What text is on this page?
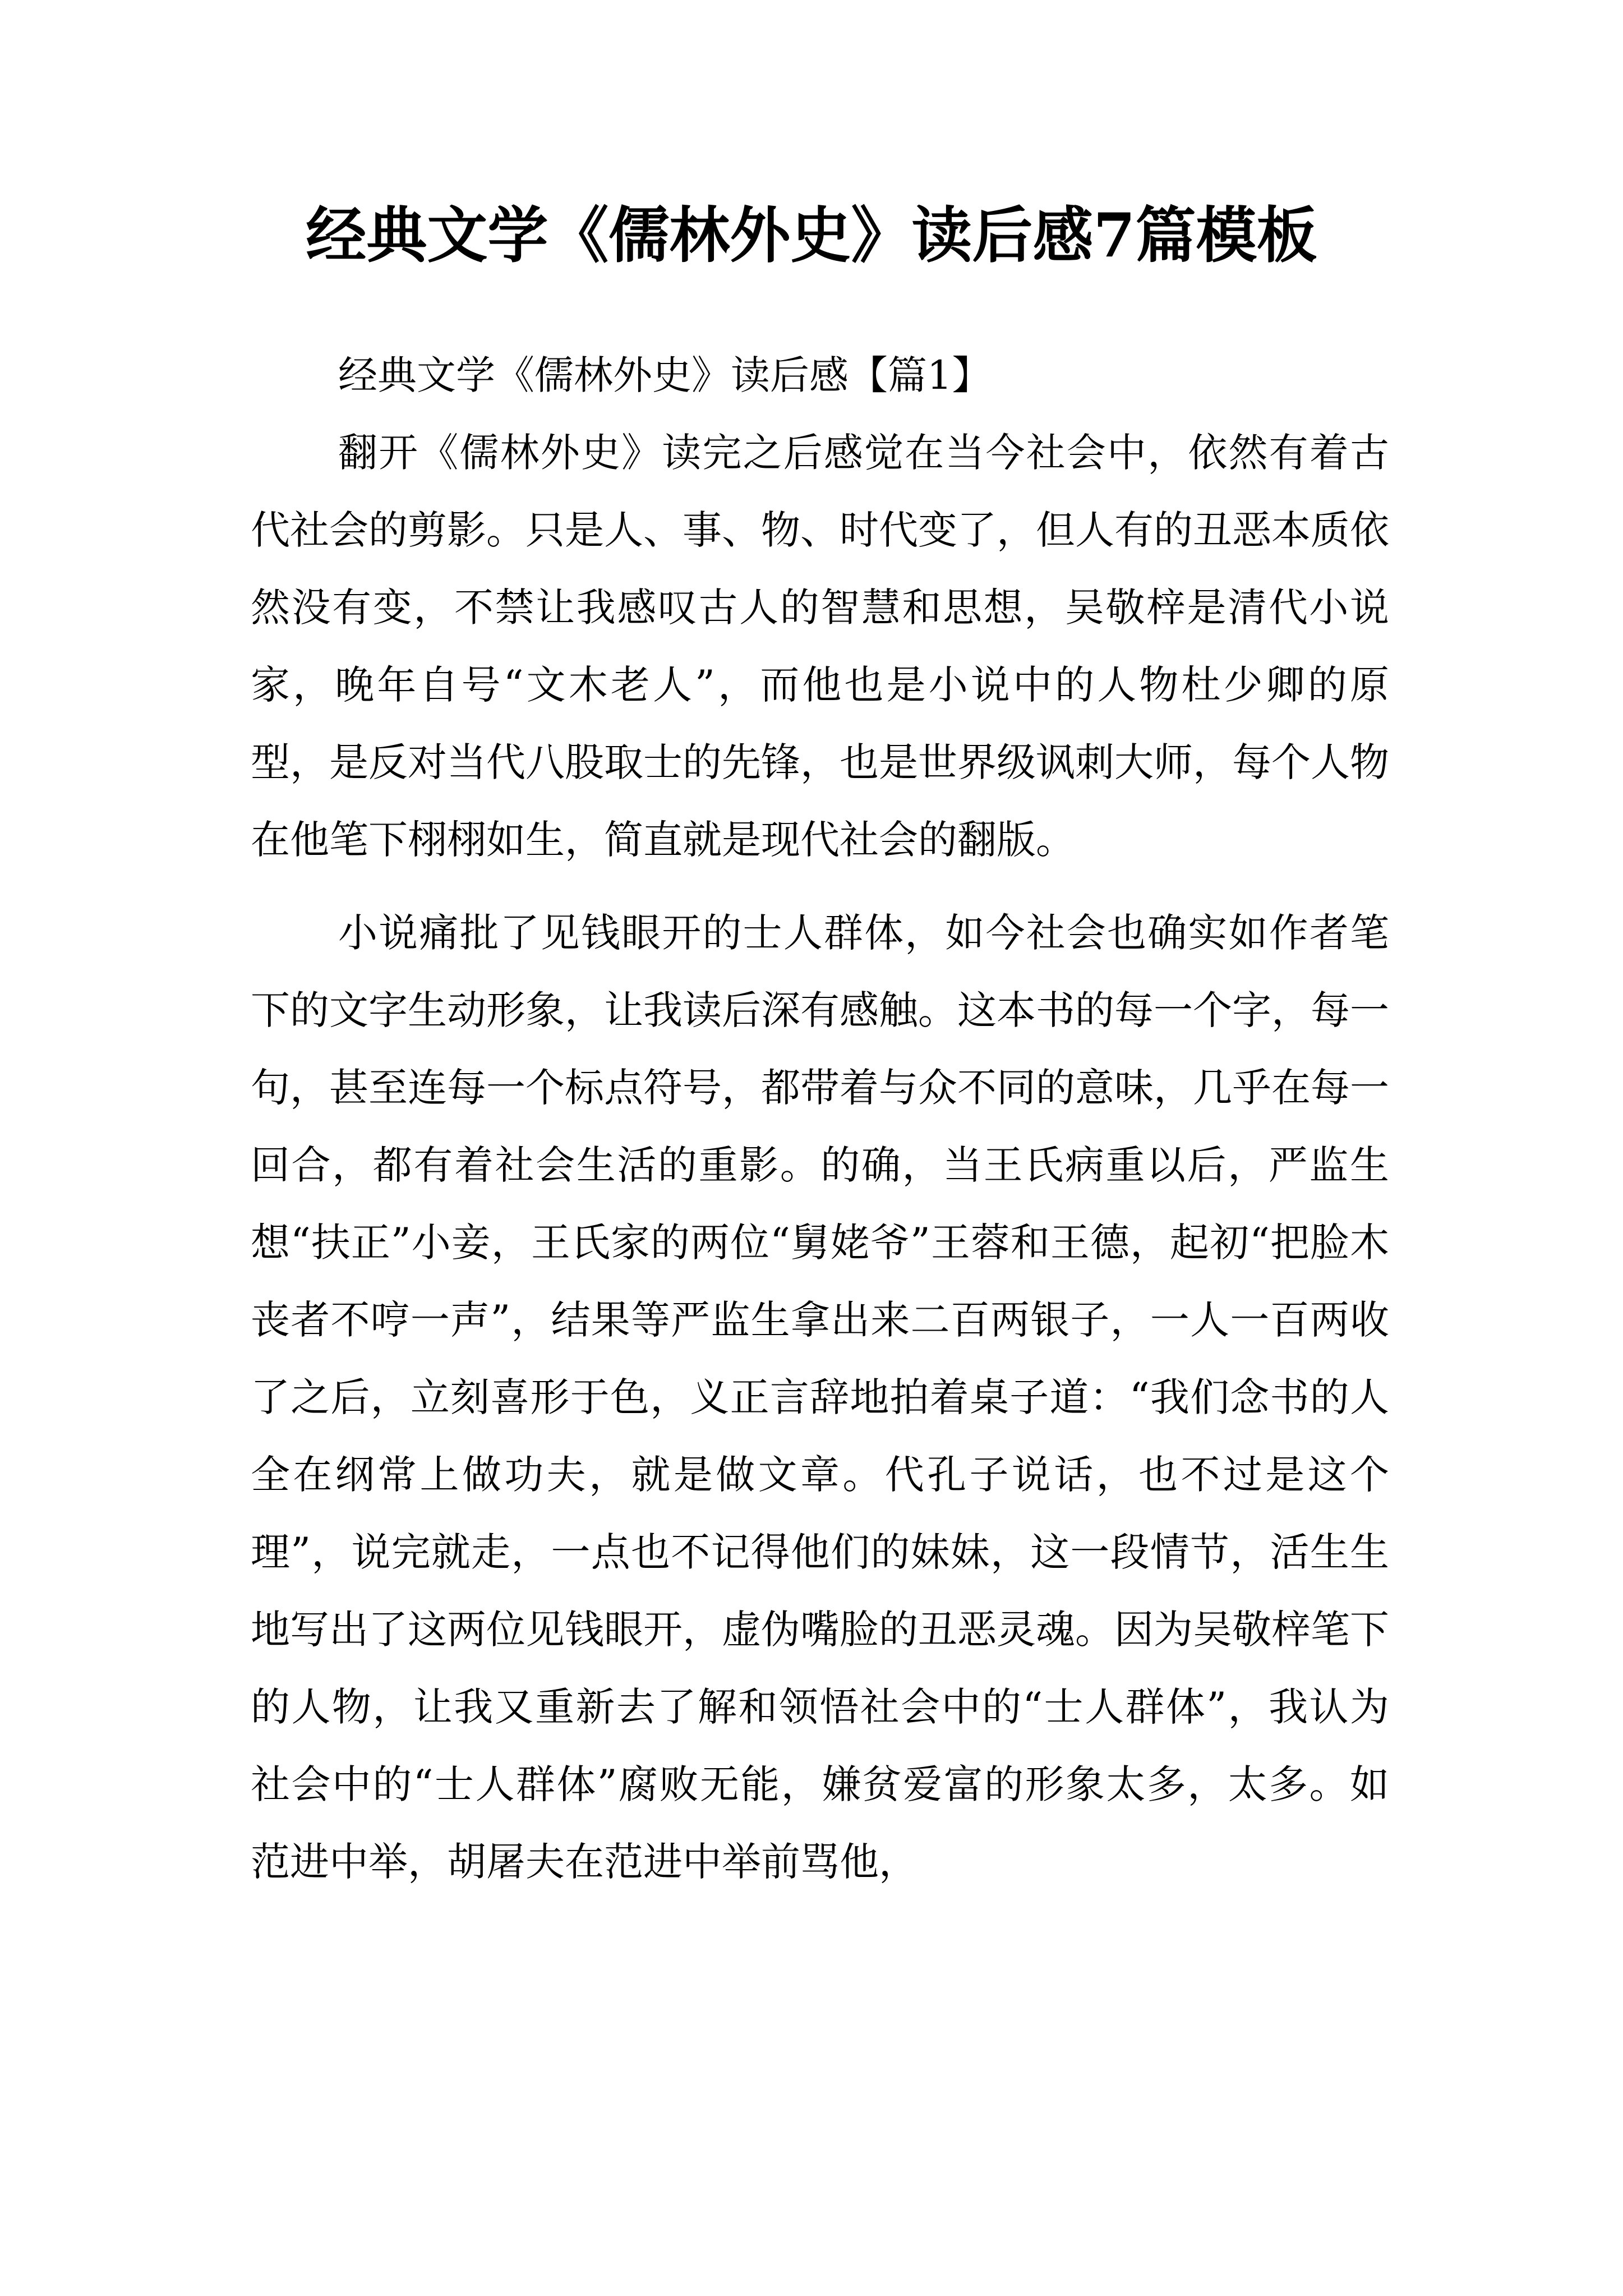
经典文学《儒林外史》读后感7篇模板

经典文学《儒林外史》读后感【篇1】

翻开《儒林外史》读完之后感觉在当今社会中，依然有着古代社会的剪影。只是人、事、物、时代变了，但人有的丑恶本质依然没有变，不禁让我感叹古人的智慧和思想，吴敬梓是清代小说家，晚年自号“文木老人”，而他也是小说中的人物杜少卿的原型，是反对当代八股取士的先锋，也是世界级讽刺大师，每个人物在他笔下栩栩如生，简直就是现代社会的翻版。

小说痛批了见钱眼开的士人群体，如今社会也确实如作者笔下的文字生动形象，让我读后深有感触。这本书的每一个字，每一句，甚至连每一个标点符号，都带着与众不同的意味，几乎在每一回合，都有着社会生活的重影。的确，当王氏病重以后，严监生想“扶正”小妾，王氏家的两位“舅姥爷”王蓉和王德，起初“把脸木丧者不哼一声”，结果等严监生拿出来二百两银子，一人一百两收了之后，立刻喜形于色，义正言辞地拍着桌子道：“我们念书的人全在纲常上做功夫，就是做文章。代孔子说话，也不过是这个理”，说完就走，一点也不记得他们的妹妹，这一段情节，活生生地写出了这两位见钱眼开，虚伪嘴脸的丑恶灵魂。因为吴敬梓笔下的人物，让我又重新去了解和领悟社会中的“士人群体”，我认为社会中的“士人群体”腐败无能，嫌贫爱富的形象太多，太多。如范进中举，胡屠夫在范进中举前骂他，
